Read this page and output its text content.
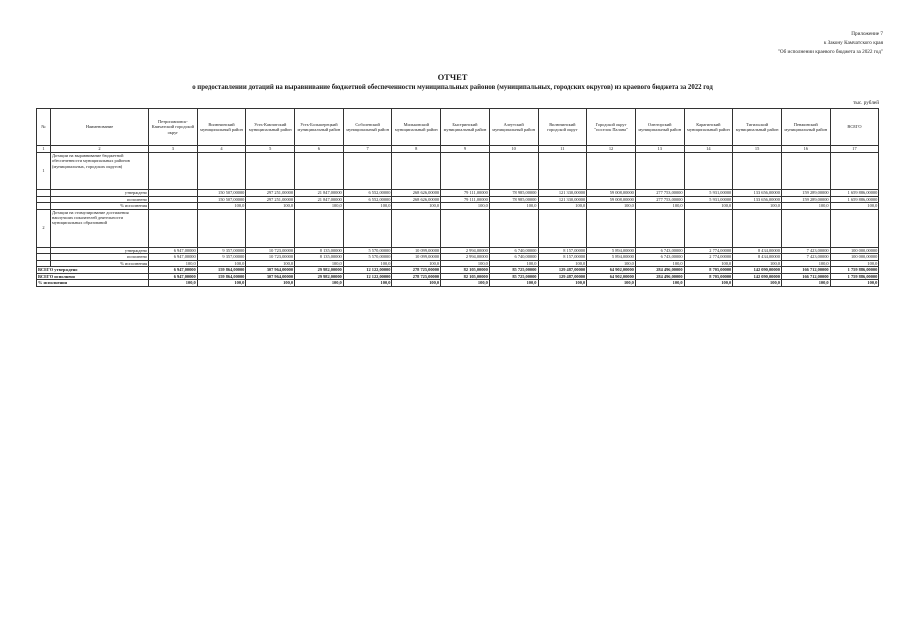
Приложение 7
к Закону Камчатского края
"Об исполнении краевого бюджета за 2022 год"
ОТЧЕТ
о предоставлении дотаций на выравнивание бюджетной обеспеченности муниципальных районов (муниципальных, городских округов) из краевого бюджета за 2022 год
тыс. рублей
№	Наименование	Петропавловск-Камчатский городской округ	Вилючинский муниципальный район	Усть-Камчатский муниципальный район	Усть-Большерецкий муниципальный район	Соболевский муниципальный район	Мильковский муниципальный район	Быстринский муниципальный район	Алеутский муниципальный район	Вилючинский городской округ	Городской округ "поселок Палана"	Олюторский муниципальный район	Карагинский муниципальный район	Тигильский муниципальный район	Пенжинский муниципальный район	ВСЕГО
1	2	3	4	5	6	7	8	9	10	11	12	13	14	15	16	17
1	Дотации на выравнивание бюджетной обеспеченности муниципальных районов (муниципальных, городских округов)															
	утверждено		150 507,00000	297 251,00000	21 847,00000	6 552,00000	268 626,00000	79 111,00000	78 985,00000	121 330,00000	59 008,00000	277 753,00000	5 931,00000	133 656,00000	159 289,00000	1 659 886,00000
	исполнено		150 507,00000	297 251,00000	21 847,00000	6 552,00000	268 626,00000	79 111,00000	78 985,00000	121 330,00000	59 008,00000	277 753,00000	5 931,00000	133 656,00000	159 289,00000	1 659 886,00000
	% исполнения		100,0	100,0	100,0	100,0	100,0	100,0	100,0	100,0	100,0	100,0	100,0	100,0	100,0	100,0
2	Дотации на стимулирование достижения наилучших показателей деятельности муниципальных образований															
	утверждено	6 947,00000	9 357,00000	10 723,00000	8 135,00000	5 570,00000	10 099,00000	2 994,00000	6 740,00000	8 157,00000	5 894,00000	6 743,00000	2 774,00000	8 434,00000	7 423,00000	100 000,00000
	исполнено	6 947,00000	9 357,00000	10 723,00000	8 135,00000	5 570,00000	10 099,00000	2 994,00000	6 740,00000	8 157,00000	5 894,00000	6 743,00000	2 774,00000	8 434,00000	7 423,00000	100 000,00000
	% исполнения	100,0	100,0	100,0	100,0	100,0	100,0	100,0	100,0	100,0	100,0	100,0	100,0	100,0	100,0	100,0
ВСЕГО утверждено		6 947,00000	159 864,00000	307 964,00000	29 982,00000	12 122,00000	278 725,00000	82 105,00000	85 725,00000	129 487,00000	64 902,00000	284 496,00000	8 705,00000	142 090,00000	166 712,00000	1 759 886,00000
ВСЕГО исполнено		6 947,00000	159 864,00000	307 964,00000	29 982,00000	12 122,00000	278 725,00000	82 105,00000	85 725,00000	129 487,00000	64 902,00000	284 496,00000	8 705,00000	142 090,00000	166 712,00000	1 759 886,00000
% исполнения		100,0	100,0	100,0	100,0	100,0	100,0	100,0	100,0	100,0	100,0	100,0	100,0	100,0	100,0	100,0
